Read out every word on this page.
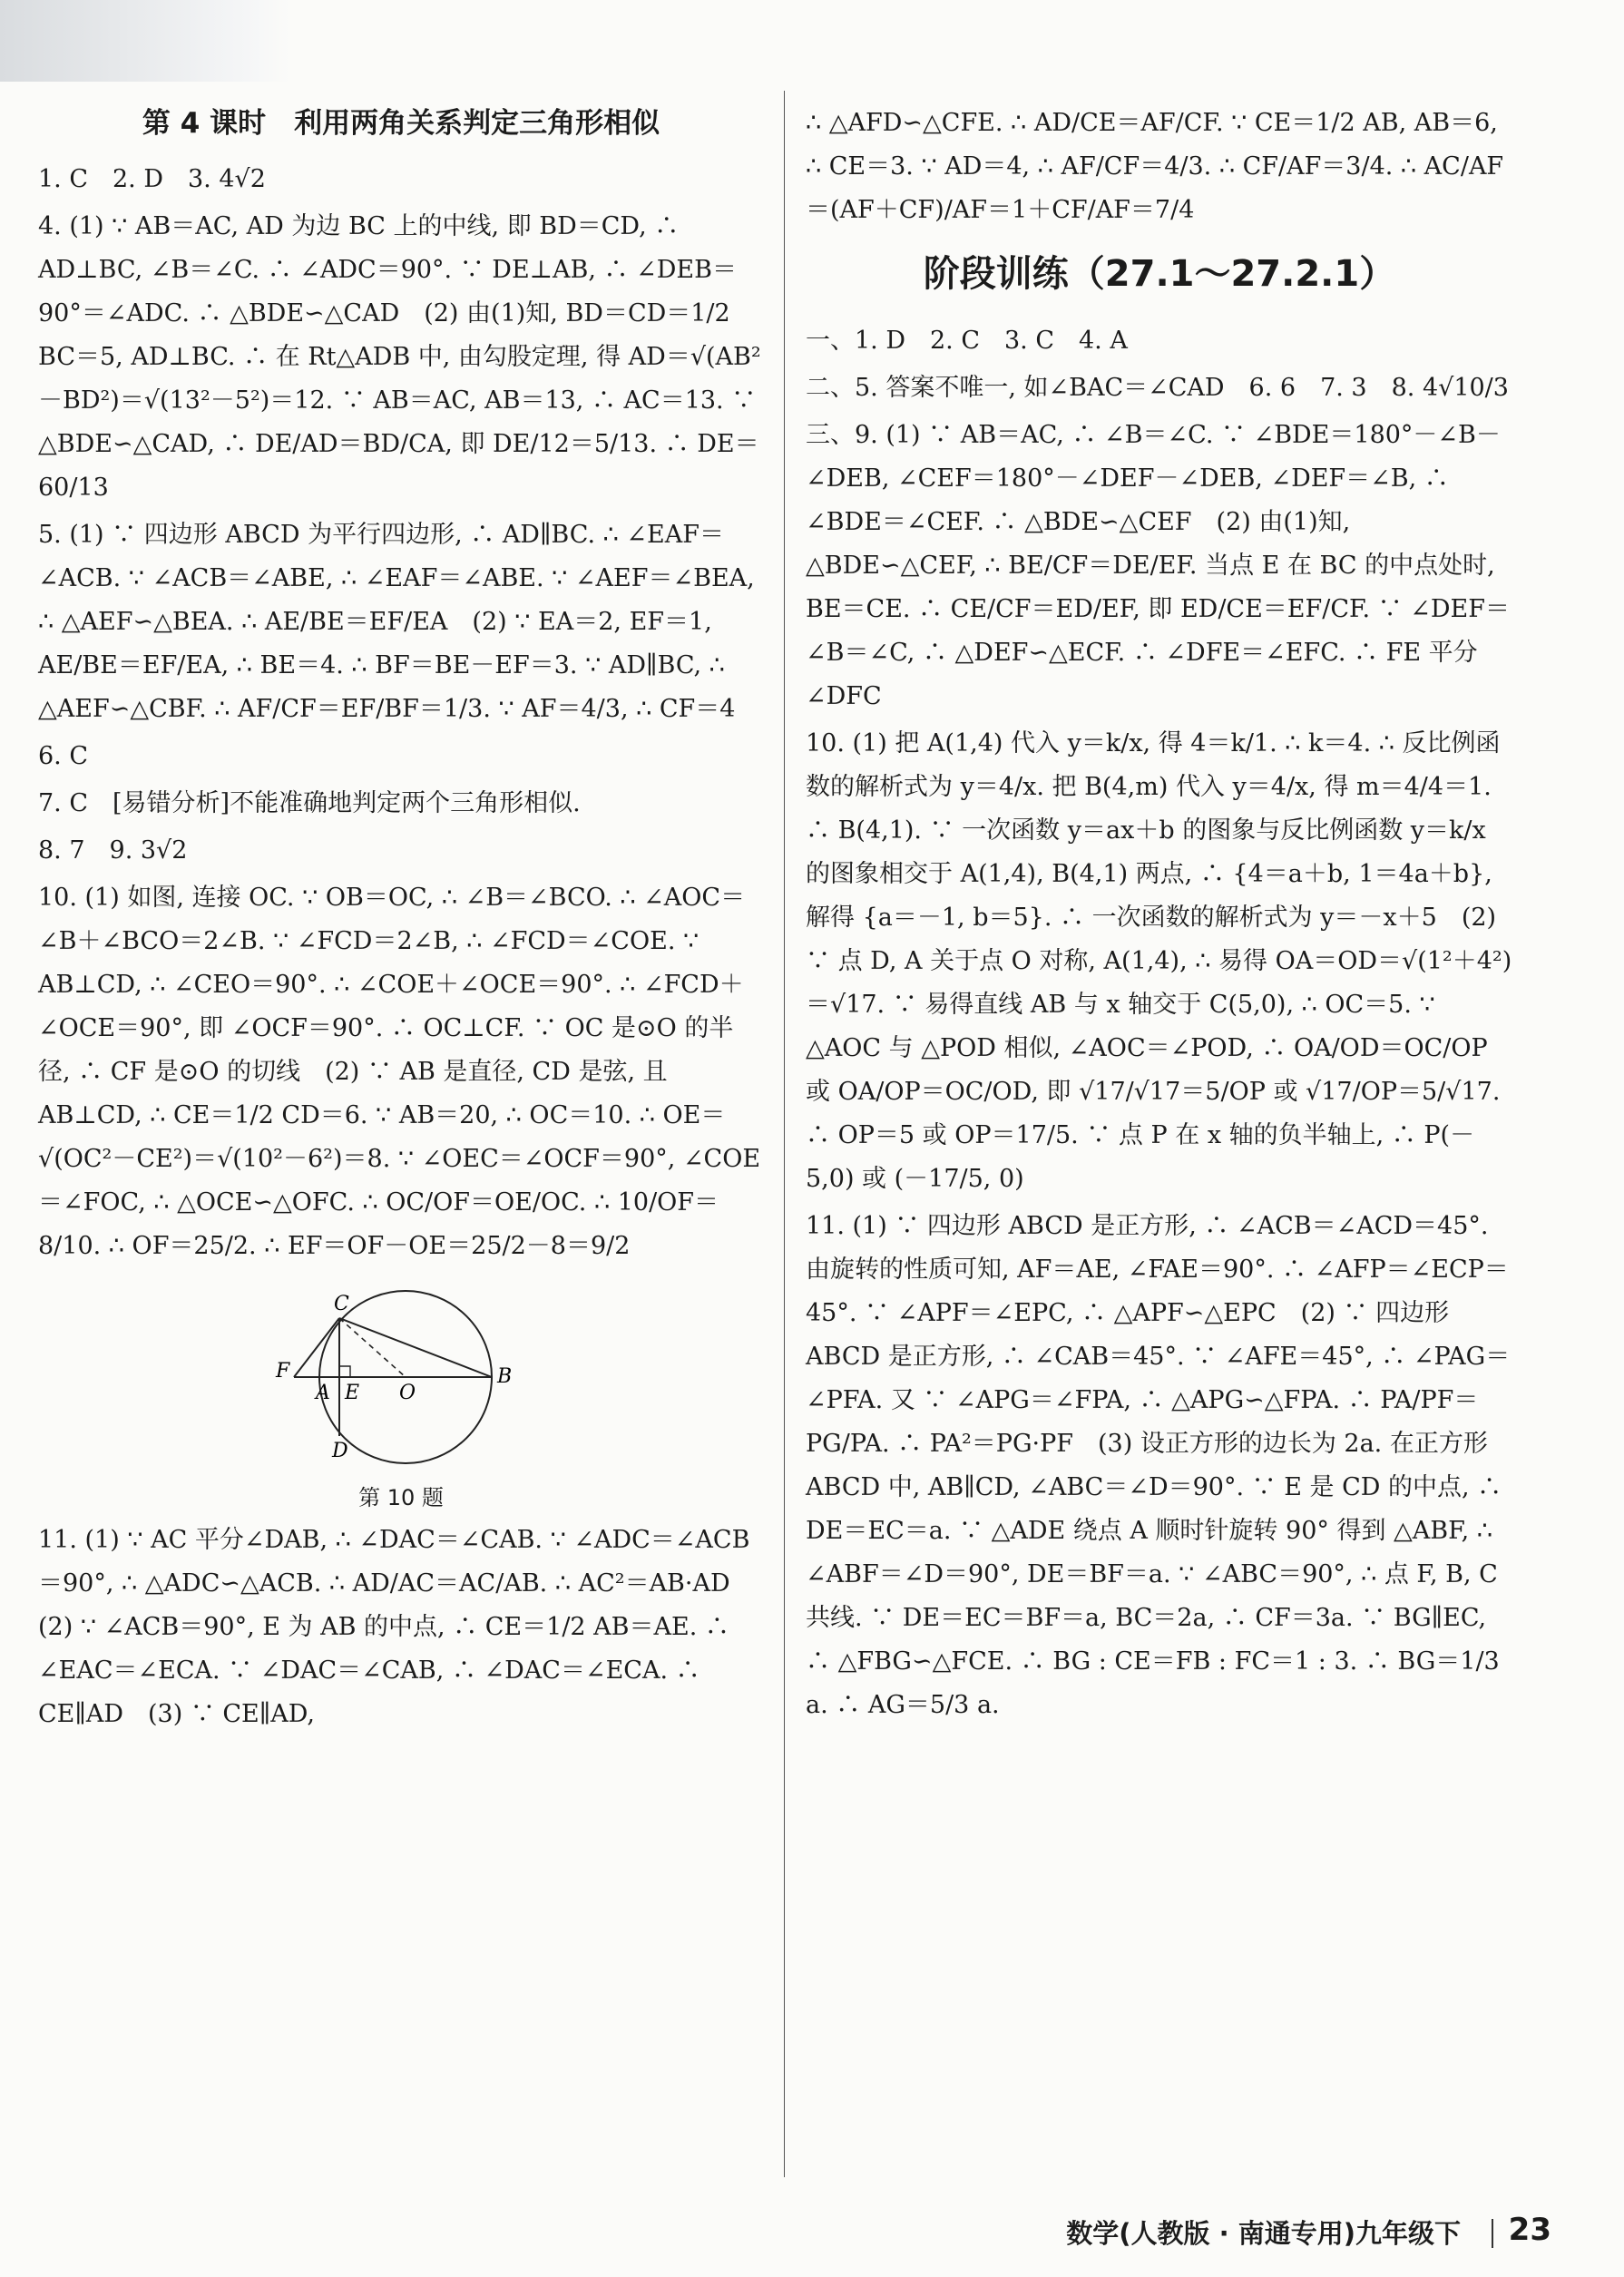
第 4 课时　利用两角关系判定三角形相似

1. C　2. D　3. 4√2

4. (1) ∵ AB＝AC, AD 为边 BC 上的中线, 即 BD＝CD, ∴ AD⊥BC, ∠B＝∠C. ∴ ∠ADC＝90°. ∵ DE⊥AB, ∴ ∠DEB＝90°＝∠ADC. ∴ △BDE∽△CAD　(2) 由(1)知, BD＝CD＝1/2 BC＝5, AD⊥BC. ∴ 在 Rt△ADB 中, 由勾股定理, 得 AD＝√(AB²－BD²)＝√(13²－5²)＝12. ∵ AB＝AC, AB＝13, ∴ AC＝13. ∵ △BDE∽△CAD, ∴ DE/AD＝BD/CA, 即 DE/12＝5/13. ∴ DE＝60/13

5. (1) ∵ 四边形 ABCD 为平行四边形, ∴ AD∥BC. ∴ ∠EAF＝∠ACB. ∵ ∠ACB＝∠ABE, ∴ ∠EAF＝∠ABE. ∵ ∠AEF＝∠BEA, ∴ △AEF∽△BEA. ∴ AE/BE＝EF/EA　(2) ∵ EA＝2, EF＝1, AE/BE＝EF/EA, ∴ BE＝4. ∴ BF＝BE－EF＝3. ∵ AD∥BC, ∴ △AEF∽△CBF. ∴ AF/CF＝EF/BF＝1/3. ∵ AF＝4/3, ∴ CF＝4

6. C

7. C　[易错分析]不能准确地判定两个三角形相似.

8. 7　9. 3√2

10. (1) 如图, 连接 OC. ∵ OB＝OC, ∴ ∠B＝∠BCO. ∴ ∠AOC＝∠B＋∠BCO＝2∠B. ∵ ∠FCD＝2∠B, ∴ ∠FCD＝∠COE. ∵ AB⊥CD, ∴ ∠CEO＝90°. ∴ ∠COE＋∠OCE＝90°. ∴ ∠FCD＋∠OCE＝90°, 即 ∠OCF＝90°. ∴ OC⊥CF. ∵ OC 是⊙O 的半径, ∴ CF 是⊙O 的切线　(2) ∵ AB 是直径, CD 是弦, 且 AB⊥CD, ∴ CE＝1/2 CD＝6. ∵ AB＝20, ∴ OC＝10. ∴ OE＝√(OC²－CE²)＝√(10²－6²)＝8. ∵ ∠OEC＝∠OCF＝90°, ∠COE＝∠FOC, ∴ △OCE∽△OFC. ∴ OC/OF＝OE/OC. ∴ 10/OF＝8/10. ∴ OF＝25/2. ∴ EF＝OF－OE＝25/2－8＝9/2

C
F
A E O
B
D
第 10 题

11. (1) ∵ AC 平分∠DAB, ∴ ∠DAC＝∠CAB. ∵ ∠ADC＝∠ACB＝90°, ∴ △ADC∽△ACB. ∴ AD/AC＝AC/AB. ∴ AC²＝AB·AD　(2) ∵ ∠ACB＝90°, E 为 AB 的中点, ∴ CE＝1/2 AB＝AE. ∴ ∠EAC＝∠ECA. ∵ ∠DAC＝∠CAB, ∴ ∠DAC＝∠ECA. ∴ CE∥AD　(3) ∵ CE∥AD,

∴ △AFD∽△CFE. ∴ AD/CE＝AF/CF. ∵ CE＝1/2 AB, AB＝6, ∴ CE＝3. ∵ AD＝4, ∴ AF/CF＝4/3. ∴ CF/AF＝3/4. ∴ AC/AF＝(AF＋CF)/AF＝1＋CF/AF＝7/4

阶段训练（27.1～27.2.1）

一、1. D　2. C　3. C　4. A

二、5. 答案不唯一, 如∠BAC＝∠CAD　6. 6　7. 3　8. 4√10/3

三、9. (1) ∵ AB＝AC, ∴ ∠B＝∠C. ∵ ∠BDE＝180°－∠B－∠DEB, ∠CEF＝180°－∠DEF－∠DEB, ∠DEF＝∠B, ∴ ∠BDE＝∠CEF. ∴ △BDE∽△CEF　(2) 由(1)知, △BDE∽△CEF, ∴ BE/CF＝DE/EF. 当点 E 在 BC 的中点处时, BE＝CE. ∴ CE/CF＝ED/EF, 即 ED/CE＝EF/CF. ∵ ∠DEF＝∠B＝∠C, ∴ △DEF∽△ECF. ∴ ∠DFE＝∠EFC. ∴ FE 平分∠DFC

10. (1) 把 A(1,4) 代入 y＝k/x, 得 4＝k/1. ∴ k＝4. ∴ 反比例函数的解析式为 y＝4/x. 把 B(4,m) 代入 y＝4/x, 得 m＝4/4＝1. ∴ B(4,1). ∵ 一次函数 y＝ax＋b 的图象与反比例函数 y＝k/x 的图象相交于 A(1,4), B(4,1) 两点, ∴ {4＝a＋b, 1＝4a＋b}, 解得 {a＝－1, b＝5}. ∴ 一次函数的解析式为 y＝－x＋5　(2) ∵ 点 D, A 关于点 O 对称, A(1,4), ∴ 易得 OA＝OD＝√(1²＋4²)＝√17. ∵ 易得直线 AB 与 x 轴交于 C(5,0), ∴ OC＝5. ∵ △AOC 与 △POD 相似, ∠AOC＝∠POD, ∴ OA/OD＝OC/OP 或 OA/OP＝OC/OD, 即 √17/√17＝5/OP 或 √17/OP＝5/√17. ∴ OP＝5 或 OP＝17/5. ∵ 点 P 在 x 轴的负半轴上, ∴ P(－5,0) 或 (－17/5, 0)

11. (1) ∵ 四边形 ABCD 是正方形, ∴ ∠ACB＝∠ACD＝45°. 由旋转的性质可知, AF＝AE, ∠FAE＝90°. ∴ ∠AFP＝∠ECP＝45°. ∵ ∠APF＝∠EPC, ∴ △APF∽△EPC　(2) ∵ 四边形 ABCD 是正方形, ∴ ∠CAB＝45°. ∵ ∠AFE＝45°, ∴ ∠PAG＝∠PFA. 又 ∵ ∠APG＝∠FPA, ∴ △APG∽△FPA. ∴ PA/PF＝PG/PA. ∴ PA²＝PG·PF　(3) 设正方形的边长为 2a. 在正方形 ABCD 中, AB∥CD, ∠ABC＝∠D＝90°. ∵ E 是 CD 的中点, ∴ DE＝EC＝a. ∵ △ADE 绕点 A 顺时针旋转 90° 得到 △ABF, ∴ ∠ABF＝∠D＝90°, DE＝BF＝a. ∵ ∠ABC＝90°, ∴ 点 F, B, C 共线. ∵ DE＝EC＝BF＝a, BC＝2a, ∴ CF＝3a. ∵ BG∥EC, ∴ △FBG∽△FCE. ∴ BG : CE＝FB : FC＝1 : 3. ∴ BG＝1/3 a. ∴ AG＝5/3 a.

数学(人教版 · 南通专用)九年级下 23
